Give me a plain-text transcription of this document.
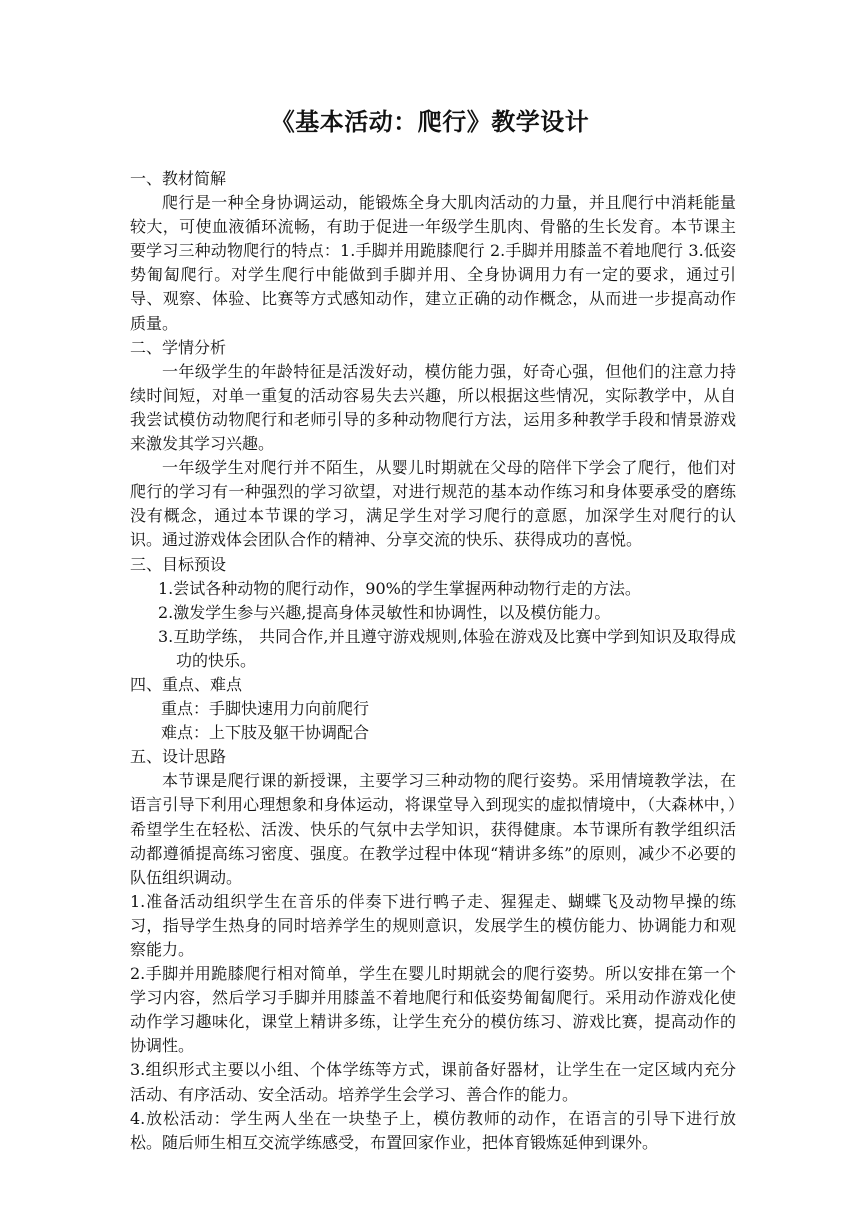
《基本活动：爬行》教学设计

一、教材简解

爬行是一种全身协调运动，能锻炼全身大肌肉活动的力量，并且爬行中消耗能量较大，可使血液循环流畅，有助于促进一年级学生肌肉、骨骼的生长发育。本节课主要学习三种动物爬行的特点：1.手脚并用跪膝爬行 2.手脚并用膝盖不着地爬行 3.低姿势匍匐爬行。对学生爬行中能做到手脚并用、全身协调用力有一定的要求，通过引导、观察、体验、比赛等方式感知动作，建立正确的动作概念，从而进一步提高动作质量。

二、学情分析

一年级学生的年龄特征是活泼好动，模仿能力强，好奇心强，但他们的注意力持续时间短，对单一重复的活动容易失去兴趣，所以根据这些情况，实际教学中，从自我尝试模仿动物爬行和老师引导的多种动物爬行方法，运用多种教学手段和情景游戏来激发其学习兴趣。

一年级学生对爬行并不陌生，从婴儿时期就在父母的陪伴下学会了爬行，他们对爬行的学习有一种强烈的学习欲望，对进行规范的基本动作练习和身体要承受的磨练没有概念，通过本节课的学习，满足学生对学习爬行的意愿，加深学生对爬行的认识。通过游戏体会团队合作的精神、分享交流的快乐、获得成功的喜悦。

三、目标预设

1.尝试各种动物的爬行动作，90%的学生掌握两种动物行走的方法。

2.激发学生参与兴趣,提高身体灵敏性和协调性，以及模仿能力。

3.互助学练， 共同合作,并且遵守游戏规则,体验在游戏及比赛中学到知识及取得成功的快乐。

四、重点、难点

重点：手脚快速用力向前爬行

难点：上下肢及躯干协调配合

五、设计思路

本节课是爬行课的新授课，主要学习三种动物的爬行姿势。采用情境教学法，在语言引导下利用心理想象和身体运动，将课堂导入到现实的虚拟情境中，（大森林中，）希望学生在轻松、活泼、快乐的气氛中去学知识，获得健康。本节课所有教学组织活动都遵循提高练习密度、强度。在教学过程中体现“精讲多练”的原则，减少不必要的队伍组织调动。

1.准备活动组织学生在音乐的伴奏下进行鸭子走、猩猩走、蝴蝶飞及动物早操的练习，指导学生热身的同时培养学生的规则意识，发展学生的模仿能力、协调能力和观察能力。

2.手脚并用跪膝爬行相对简单，学生在婴儿时期就会的爬行姿势。所以安排在第一个学习内容，然后学习手脚并用膝盖不着地爬行和低姿势匍匐爬行。采用动作游戏化使动作学习趣味化，课堂上精讲多练，让学生充分的模仿练习、游戏比赛，提高动作的协调性。

3.组织形式主要以小组、个体学练等方式，课前备好器材，让学生在一定区域内充分活动、有序活动、安全活动。培养学生会学习、善合作的能力。

4.放松活动：学生两人坐在一块垫子上，模仿教师的动作，在语言的引导下进行放松。随后师生相互交流学练感受，布置回家作业，把体育锻炼延伸到课外。
